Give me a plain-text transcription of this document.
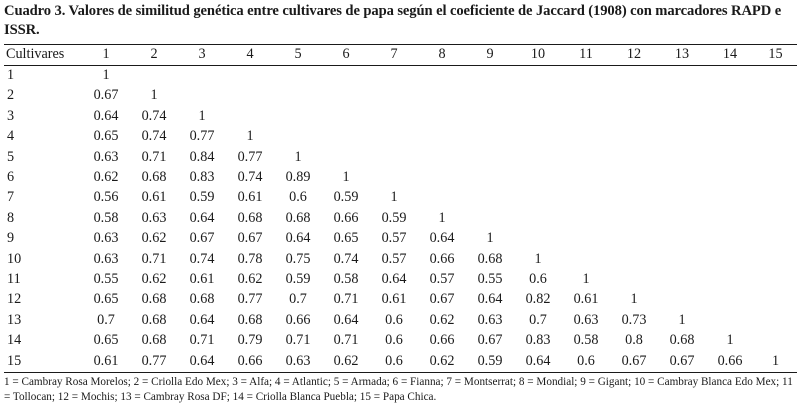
Cuadro 3. Valores de similitud genética entre cultivares de papa según el coeficiente de Jaccard (1908) con marcadores RAPD e ISSR.
Cultivares	1	2	3	4	5	6	7	8	9	10	11	12	13	14	15
1	1														
2	0.67	1													
3	0.64	0.74	1												
4	0.65	0.74	0.77	1											
5	0.63	0.71	0.84	0.77	1										
6	0.62	0.68	0.83	0.74	0.89	1									
7	0.56	0.61	0.59	0.61	0.6	0.59	1								
8	0.58	0.63	0.64	0.68	0.68	0.66	0.59	1							
9	0.63	0.62	0.67	0.67	0.64	0.65	0.57	0.64	1						
10	0.63	0.71	0.74	0.78	0.75	0.74	0.57	0.66	0.68	1					
11	0.55	0.62	0.61	0.62	0.59	0.58	0.64	0.57	0.55	0.6	1				
12	0.65	0.68	0.68	0.77	0.7	0.71	0.61	0.67	0.64	0.82	0.61	1			
13	0.7	0.68	0.64	0.68	0.66	0.64	0.6	0.62	0.63	0.7	0.63	0.73	1		
14	0.65	0.68	0.71	0.79	0.71	0.71	0.6	0.66	0.67	0.83	0.58	0.8	0.68	1	
15	0.61	0.77	0.64	0.66	0.63	0.62	0.6	0.62	0.59	0.64	0.6	0.67	0.67	0.66	1
1 = Cambray Rosa Morelos; 2 = Criolla Edo Mex; 3 = Alfa; 4 = Atlantic; 5 = Armada; 6 = Fianna; 7 = Montserrat; 8 = Mondial; 9 = Gigant; 10 = Cambray Blanca Edo Mex; 11 = Tollocan; 12 = Mochis; 13 = Cambray Rosa DF; 14 = Criolla Blanca Puebla; 15 = Papa Chica.
